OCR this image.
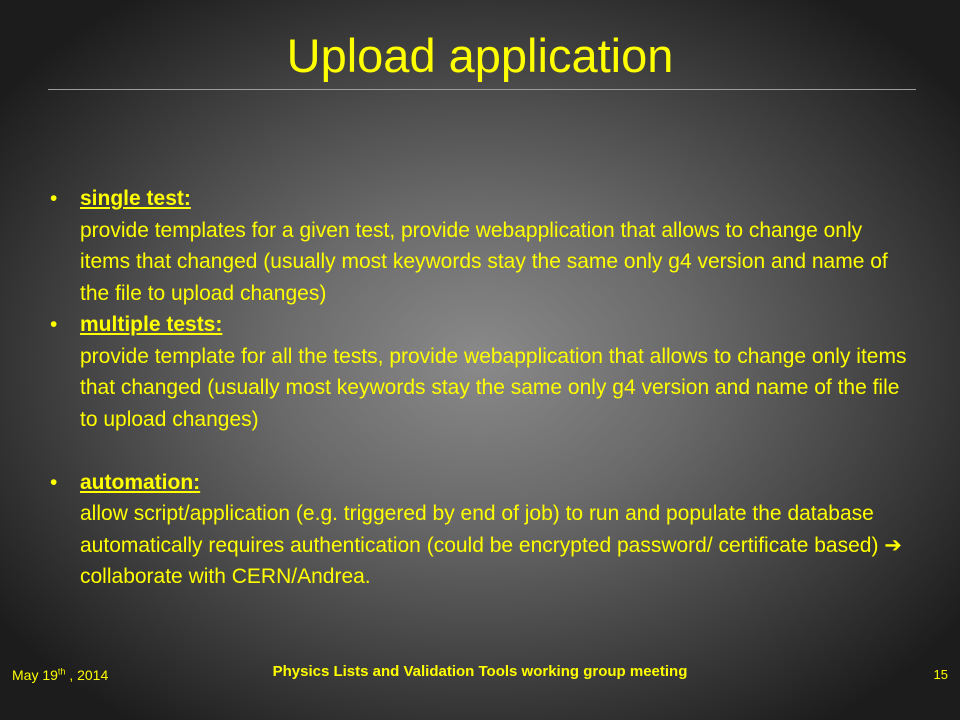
Upload application
• single test:
provide templates for a given test, provide webapplication that allows to change only items that changed (usually most keywords stay the same only g4 version and name of the file to upload changes)
• multiple tests:
provide template for all the tests, provide webapplication that allows to change only items that changed (usually most keywords stay the same only g4 version and name of the file to upload changes)
• automation:
allow script/application (e.g. triggered by end of job) to run and populate the database automatically requires authentication (could be encrypted password/ certificate based) ➔ collaborate with CERN/Andrea.
May 19th , 2014	Physics Lists and Validation Tools working group meeting	15
